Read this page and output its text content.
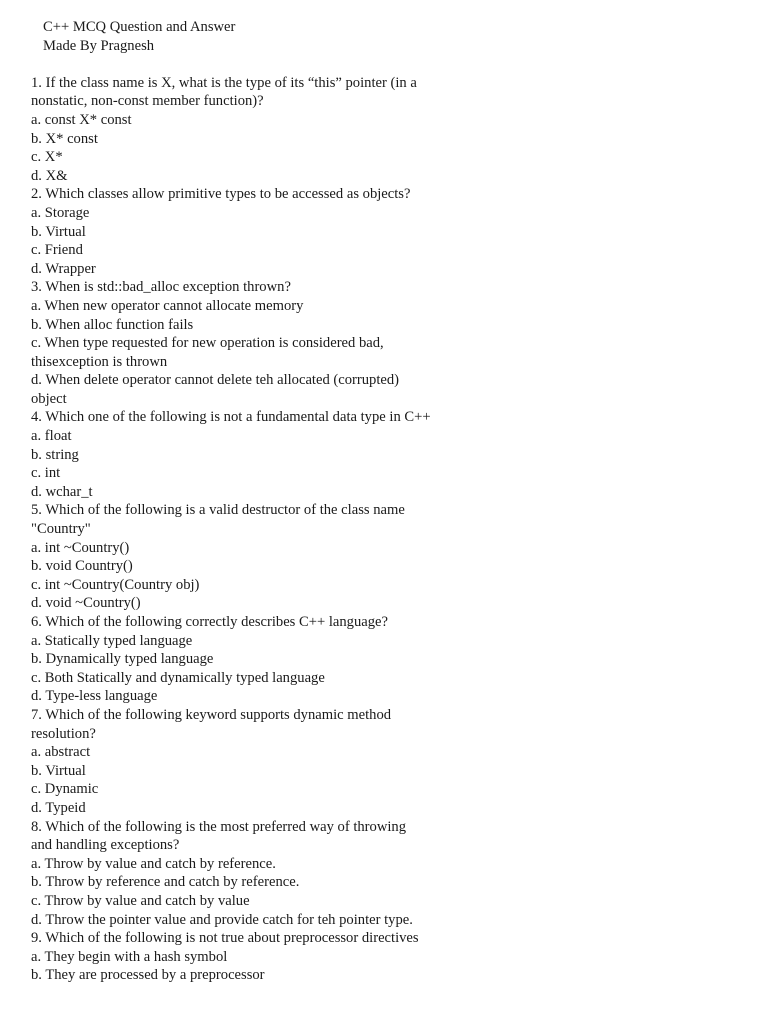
C++ MCQ Question and Answer
Made By Pragnesh
1. If the class name is X, what is the type of its “this” pointer (in a
nonstatic, non-const member function)?
a. const X* const
b. X* const
c. X*
d. X&
2. Which classes allow primitive types to be accessed as objects?
a. Storage
b. Virtual
c. Friend
d. Wrapper
3. When is std::bad_alloc exception thrown?
a. When new operator cannot allocate memory
b. When alloc function fails
c. When type requested for new operation is considered bad,
thisexception is thrown
d. When delete operator cannot delete teh allocated (corrupted)
object
4. Which one of the following is not a fundamental data type in C++
a. float
b. string
c. int
d. wchar_t
5. Which of the following is a valid destructor of the class name
"Country"
a. int ~Country()
b. void Country()
c. int ~Country(Country obj)
d. void ~Country()
6. Which of the following correctly describes C++ language?
a. Statically typed language
b. Dynamically typed language
c. Both Statically and dynamically typed language
d. Type-less language
7. Which of the following keyword supports dynamic method
resolution?
a. abstract
b. Virtual
c. Dynamic
d. Typeid
8. Which of the following is the most preferred way of throwing
and handling exceptions?
a. Throw by value and catch by reference.
b. Throw by reference and catch by reference.
c. Throw by value and catch by value
d. Throw the pointer value and provide catch for teh pointer type.
9. Which of the following is not true about preprocessor directives
a. They begin with a hash symbol
b. They are processed by a preprocessor
